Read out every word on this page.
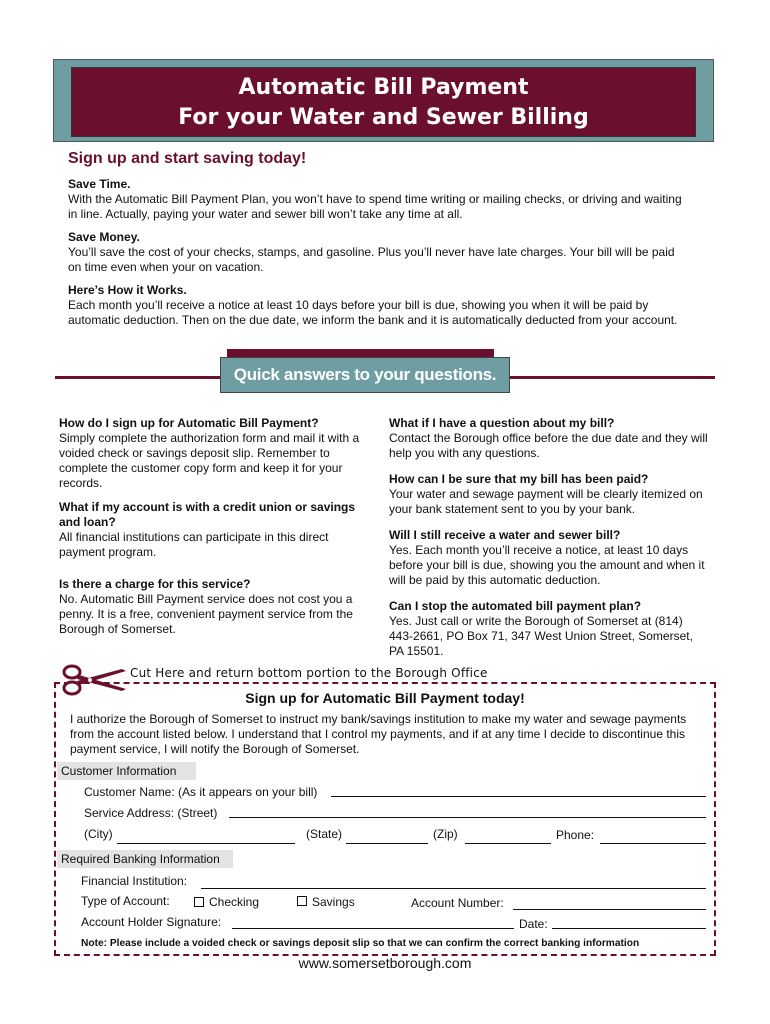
Automatic Bill Payment
For your Water and Sewer Billing
Sign up and start saving today!
Save Time.
With the Automatic Bill Payment Plan, you won’t have to spend time writing or mailing checks, or driving and waiting in line. Actually, paying your water and sewer bill won’t take any time at all.
Save Money.
You’ll save the cost of your checks, stamps, and gasoline. Plus you’ll never have late charges. Your bill will be paid on time even when your on vacation.
Here’s How it Works.
Each month you’ll receive a notice at least 10 days before your bill is due, showing you when it will be paid by automatic deduction. Then on the due date, we inform the bank and it is automatically deducted from your account.
Quick answers to your questions.
How do I sign up for Automatic Bill Payment?
Simply complete the authorization form and mail it with a voided check or savings deposit slip. Remember to complete the customer copy form and keep it for your records.
What if my account is with a credit union or savings and loan?
All financial institutions can participate in this direct payment program.
Is there a charge for this service?
No. Automatic Bill Payment service does not cost you a penny. It is a free, convenient payment service from the Borough of Somerset.
What if I have a question about my bill?
Contact the Borough office before the due date and they will help you with any questions.
How can I be sure that my bill has been paid?
Your water and sewage payment will be clearly itemized on your bank statement sent to you by your bank.
Will I still receive a water and sewer bill?
Yes. Each month you’ll receive a notice, at least 10 days before your bill is due, showing you the amount and when it will be paid by this automatic deduction.
Can I stop the automated bill payment plan?
Yes. Just call or write the Borough of Somerset at (814) 443-2661, PO Box 71, 347 West Union Street, Somerset, PA 15501.
Cut Here and return bottom portion to the Borough Office
Sign up for Automatic Bill Payment today!
I authorize the Borough of Somerset to instruct my bank/savings institution to make my water and sewage payments from the account listed below. I understand that I control my payments, and if at any time I decide to discontinue this payment service, I will notify the Borough of Somerset.
Customer Information
Customer Name: (As it appears on your bill)
Service Address: (Street)
(City)	(State)	(Zip)	Phone:
Required Banking Information
Financial Institution:
Type of Account:	Checking	Savings	Account Number:
Account Holder Signature:	Date:
Note: Please include a voided check or savings deposit slip so that we can confirm the correct banking information
www.somersetborough.com
